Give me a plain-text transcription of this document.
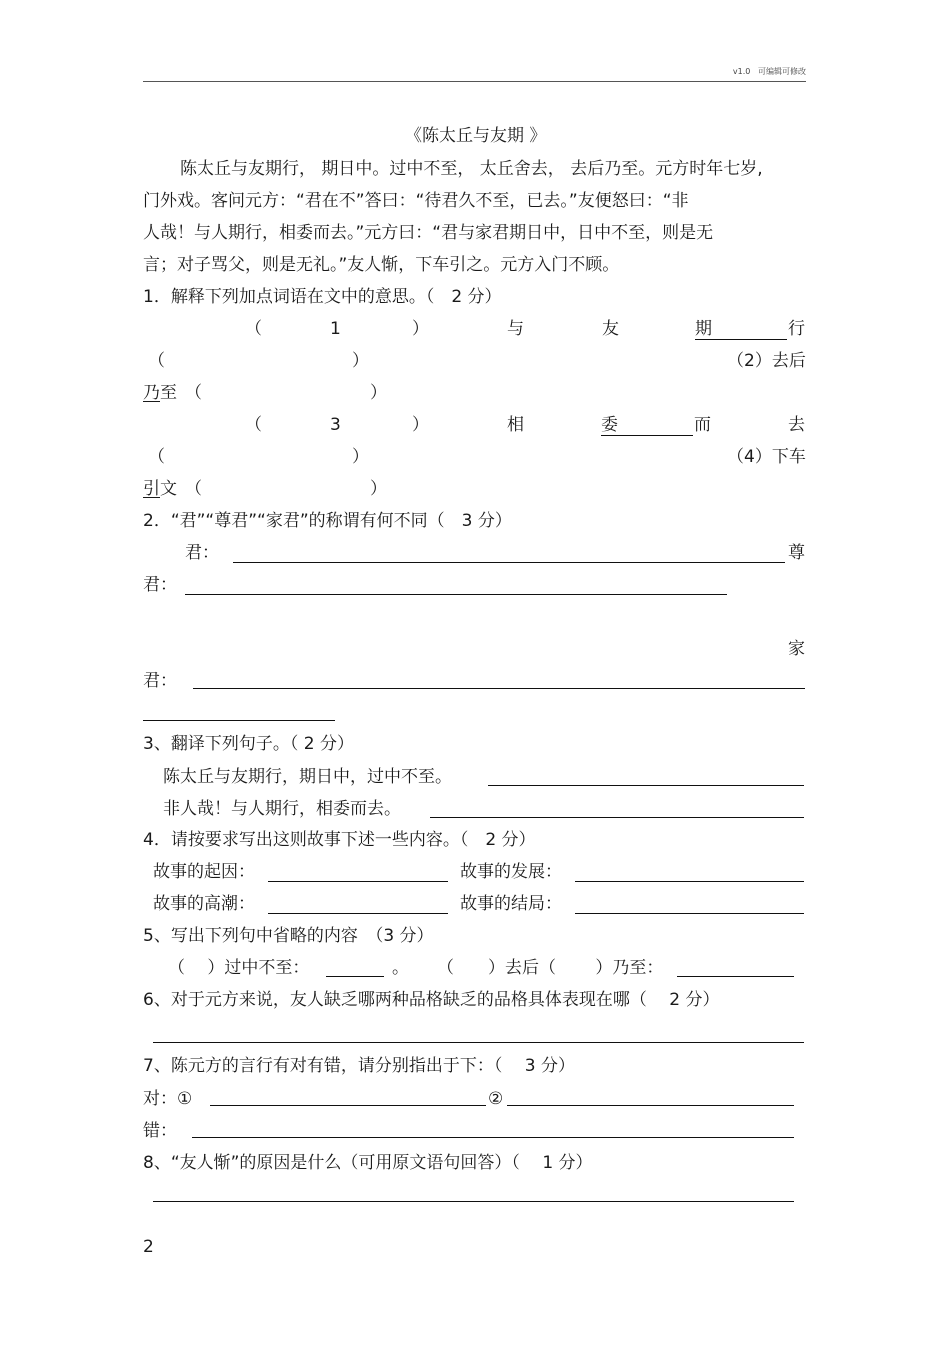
v1.0 可编辑可修改
《陈太丘与友期 》
陈太丘与友期行， 期日中。过中不至， 太丘舍去， 去后乃至。元方时年七岁,
门外戏。客问元方：“君在不”答曰：“待君久不至，已去。”友便怒曰：“非
人哉！与人期行，相委而去。”元方曰：“君与家君期日中，日中不至，则是无
言；对子骂父，则是无礼。”友人惭，下车引之。元方入门不顾。
1．解释下列加点词语在文中的意思。（　2 分）
（	1	）	与	友	期	行
（	）	（2）去后
乃 至 （	）
（	3	）	相	委	而	去
（	）	（4）下车
引 文 （	）
2．“君”“尊君”“家君”的称谓有何不同（　3 分）
君：	尊
君：
家
君：
3、翻译下列句子。（ 2 分）
陈太丘与友期行，期日中，过中不至。
非人哉！与人期行，相委而去。
4．请按要求写出这则故事下述一些内容。（　2 分）
故事的起因：	故事的发展：
故事的高潮：	故事的结局：
5、写出下列句中省略的内容　（3 分）
（　 ）过中不至：	。 （　　）去后（　　 ）乃至：
6、对于元方来说，友人缺乏哪两种品格缺乏的品格具体表现在哪（　 2 分）
7、陈元方的言行有对有错，请分别指出于下：（　 3 分）
对：①	②
错：
8、“友人惭”的原因是什么（可用原文语句回答）（　 1 分）
2
